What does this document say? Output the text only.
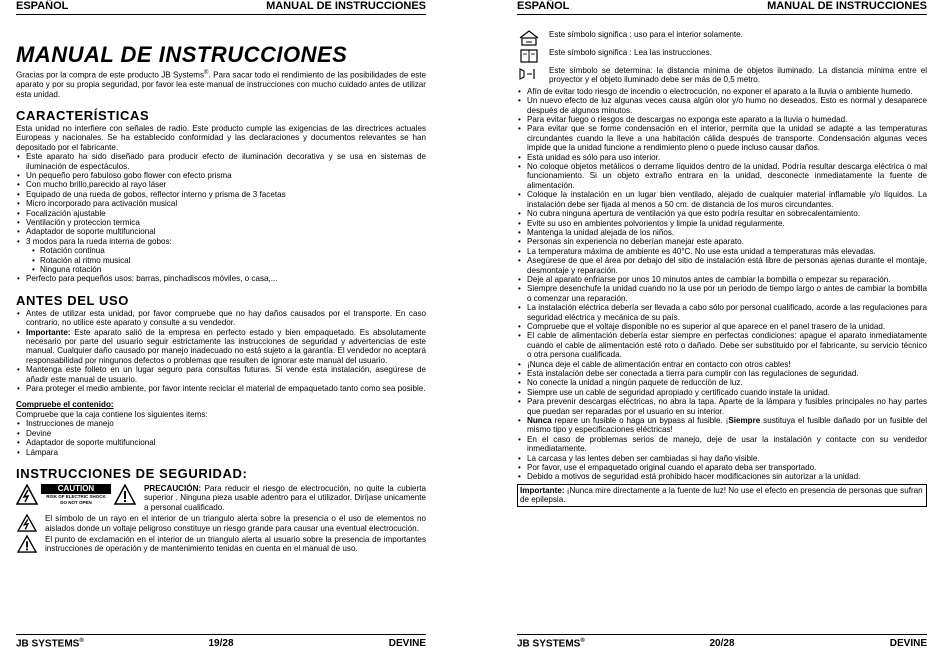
ESPAÑOL	MANUAL DE INSTRUCCIONES
MANUAL DE INSTRUCCIONES

Gracias por la compra de este producto JB Systems®. Para sacar todo el rendimiento de las posibilidades de este aparato y por su propia seguridad, por favor lea este manual de instrucciones con mucho cuidado antes de utilizar esta unidad.

CARACTERÍSTICAS

Esta unidad no interfiere con señales de radio. Este producto cumple las exigencias de las directrices actuales Europeas y nacionales. Se ha establecido conformidad y las declaraciones y documentos relevantes se han depositado por el fabricante.

• Este aparato ha sido diseñado para producir efecto de iluminación decorativa y se usa en sistemas de iluminación de espectáculos.
• Un pequeño pero fabuloso gobo flower con efecto prisma
• Con mucho brillo,parecido al rayo láser
• Equipado de una rueda de gobos, reflector interno y prisma de 3 facetas
• Micro incorporado para activación musical
• Focalización ajustable
• Ventilación y proteccion termica
• Adaptador de soporte multifuncional
• 3 modos para la rueda interna de gobos:
• Rotación continua
• Rotación al ritmo musical
• Ninguna rotación
• Perfecto para pequeños usos: barras, pinchadiscos móviles, o casa,...
ANTES DEL USO
• Antes de utilizar esta unidad, por favor compruebe que no hay daños causados por el transporte. En caso contrario, no utilice este aparato y consulte a su vendedor.
• Importante: Este aparato salió de la empresa en perfecto estado y bien empaquetado. Es absolutamente necesario por parte del usuario seguir estrictamente las instrucciones de seguridad y advertencias de este manual. Cualquier daño causado por manejo inadecuado no está sujeto a la garantía. El vendedor no aceptará responsabilidad por ningunos defectos o problemas que resulten de ignorar este manual del usuario.
• Mantenga este folleto en un lugar seguro para consultas futuras. Si vende esta instalación, asegúrese de añadir este manual de usuario.
• Para proteger el medio ambiente, por favor intente reciclar el material de empaquetado tanto como sea posible.

Compruebe el contenido:

Compruebe que la caja contiene los siguientes items:

• Instrucciones de manejo
• Devine
• Adaptador de soporte multifuncional
• Lámpara
INSTRUCCIONES DE SEGURIDAD:
CAUTION
RISK OF ELECTRIC SHOCK
DO NOT OPEN

PRECAUCIÓN: Para reducir el riesgo de electrocución, no quite la cubierta superior . Ninguna pieza usable adentro para el utilizador. Diríjase unicamente a personal cualificado.

El símbolo de un rayo en el interior de un triangulo alerta sobre la presencia o el uso de elementos no aislados donde un voltaje peligroso constituye un riesgo grande para causar una eventual electrocución.

El punto de exclamación en el interior de un triangulo alerta al usuario sobre la presencia de importantes instrucciones de operación y de mantenimiento tenidas en cuenta en el manual de uso.

JB SYSTEMS®	19/28	DEVINE
ESPAÑOL	MANUAL DE INSTRUCCIONES

Este símbolo significa : uso para el interior solamente.

Este símbolo significa : Lea las instrucciones.

Este símbolo se determina: la distancia mínima de objetos iluminado. La distancia mínima entre el proyector y el objeto iluminado debe ser más de 0,5 metro.

• Afín de evitar todo riesgo de incendio o electrocución, no exponer el aparato a la lluvia o ambiente humedo.
• Un nuevo efecto de luz algunas veces causa algún olor y/o humo no deseados. Esto es normal y desaparece después de algunos minutos.
• Para evitar fuego o riesgos de descargas no exponga este aparato a la lluvia o humedad.
• Para evitar que se forme condensación en el interior, permita que la unidad se adapte a las temperaturas circundantes cuando la lleve a una habitación cálida después de transporte. Condensación algunas veces impide que la unidad funcione a rendimiento pleno o puede incluso causar daños.
• Esta unidad es sólo para uso interior.
• No coloque objetos metálicos o derrame líquidos dentro de la unidad. Podría resultar descarga eléctrica o mal funcionamiento. Si un objeto extraño entrara en la unidad, desconecte inmediatamente la fuente de alimentación.
• Coloque la instalación en un lugar bien ventilado, alejado de cualquier material inflamable y/o líquidos. La instalación debe ser fijada al menos a 50 cm. de distancia de los muros circundantes.
• No cubra ninguna apertura de ventilación ya que esto podría resultar en sobrecalentamiento.
• Evite su uso en ambientes polvorientos y limpie la unidad regularmente.
• Mantenga la unidad alejada de los niños.
• Personas sin experiencia no deberían manejar este aparato.
• La temperatura máxima de ambiente es 40°C. No use esta unidad a temperaturas más elevadas.
• Asegúrese de que el área por debajo del sitio de instalación está libre de personas ajenas durante el montaje, desmontaje y reparación.
• Deje al aparato enfriarse por unos 10 minutos antes de cambiar la bombilla o empezar su reparación.
• Siempre desenchufe la unidad cuando no la use por un periodo de tiempo largo o antes de cambiar la bombilla o comenzar una reparación.
• La instalación eléctrica debería ser llevada a cabo sólo por personal cualificado, acorde a las regulaciones para seguridad eléctrica y mecánica de su país.
• Compruebe que el voltaje disponible no es superior al que aparece en el panel trasero de la unidad.
• El cable de alimentación debería estar siempre en perfectas condiciones: apague el aparato inmediatamente cuando el cable de alimentación esté roto o dañado. Debe ser substituido por el fabricante, su servicio técnico o otra persona cualificada.
• ¡Nunca deje el cable de alimentación entrar en contacto con otros cables!
• Esta instalación debe ser conectada a tierra para cumplir con las regulaciones de seguridad.
• No conecte la unidad a ningún paquete de reducción de luz.
• Siempre use un cable de seguridad apropiado y certificado cuando instale la unidad.
• Para prevenir descargas eléctricas, no abra la tapa. Aparte de la lámpara y fusibles principales no hay partes que puedan ser reparadas por el usuario en su interior.
• Nunca repare un fusible o haga un bypass al fusible. ¡Siempre sustituya el fusible dañado por un fusible del mismo tipo y especificaciones eléctricas!
• En el caso de problemas serios de manejo, deje de usar la instalación y contacte con su vendedor inmediatamente.
• La carcasa y las lentes deben ser cambiadas si hay daño visible.
• Por favor, use el empaquetado original cuando el aparato deba ser transportado.
• Debido a motivos de seguridad está prohibido hacer modificaciones sin autorizar a la unidad.
Importante: ¡Nunca mire directamente a la fuente de luz! No use el efecto en presencia de personas que sufran de epilepsia.
JB SYSTEMS®	20/28	DEVINE
